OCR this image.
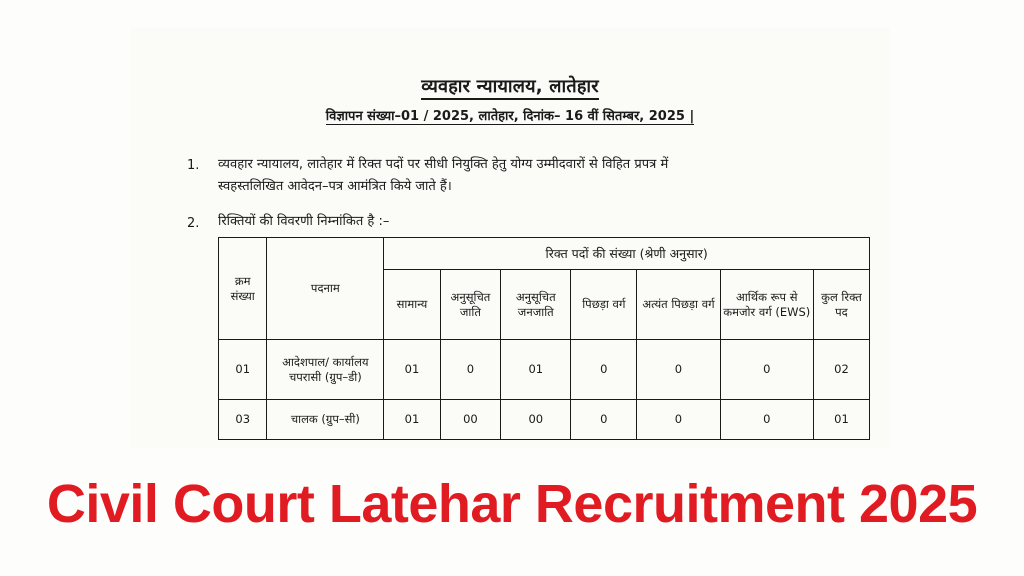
व्यवहार न्यायालय, लातेहार
विज्ञापन संख्या–01 / 2025, लातेहार, दिनांक– 16 वीं सितम्बर, 2025 |
1. व्यवहार न्यायालय, लातेहार में रिक्त पदों पर सीधी नियुक्ति हेतु योग्य उम्मीदवारों से विहित प्रपत्र में
स्वहस्तलिखित आवेदन–पत्र आमंत्रित किये जाते हैं।
2. रिक्तियों की विवरणी निम्नांकित है :–
क्रम संख्या	पदनाम	रिक्त पदों की संख्या (श्रेणी अनुसार)						
		सामान्य	अनुसूचित जाति	अनुसूचित जनजाति	पिछड़ा वर्ग	अत्यंत पिछड़ा वर्ग	आर्थिक रूप से कमजोर वर्ग (EWS)	कुल रिक्त पद
01	आदेशपाल/ कार्यालय चपरासी (ग्रुप–डी)	01	0	01	0	0	0	02
03	चालक (ग्रुप–सी)	01	00	00	0	0	0	01
Civil Court Latehar Recruitment 2025
